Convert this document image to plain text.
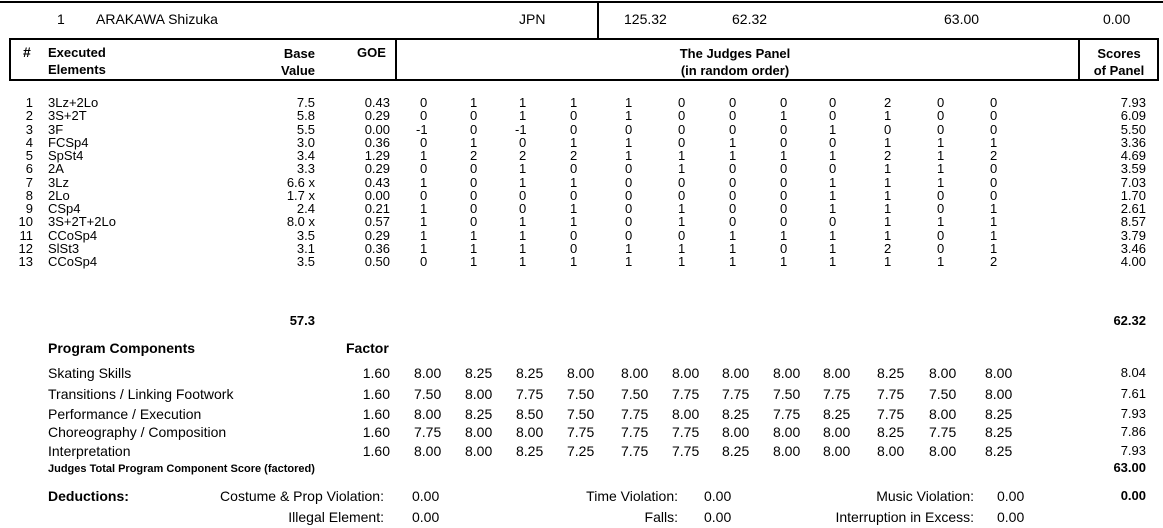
1 ARAKAWA Shizuka	JPN	125.32	62.32	63.00	0.00
# Executed
Elements
Base
Value
GOE	The Judges Panel
(in random order)
Scores
of Panel
1 3Lz+2Lo	7.5	0.43 0	1	1	1	1	0	0	0	0	2	0	0	7.93
2 3S+2T	5.8	0.29 0	0	1	0	1	0	0	1	0	1	0	0	6.09
3 3F	5.5	0.00 -1	0	-1	0	0	0	0	0	1	0	0	0	5.50
4 FCSp4	3.0	0.36 0	1	0	1	1	0	1	0	0	1	1	1	3.36
5 SpSt4	3.4	1.29 1	2	2	2	1	1	1	1	1	2	1	2	4.69
6 2A	3.3	0.29 0	0	1	0	0	1	0	0	0	1	1	0	3.59
7 3Lz	6.6 x	0.43 1	0	1	1	0	0	0	0	1	1	1	0	7.03
8 2Lo	1.7 x	0.00 0	0	0	0	0	0	0	0	1	1	0	0	1.70
9 CSp4	2.4	0.21 1	0	0	1	0	1	0	0	1	1	0	1	2.61
10 3S+2T+2Lo	8.0 x	0.57 1	0	1	1	0	1	0	0	0	1	1	1	8.57
11 CCoSp4	3.5	0.29 1	1	1	0	0	0	1	1	1	1	0	1	3.79
12 SlSt3	3.1	0.36 1	1	1	0	1	1	1	0	1	2	0	1	3.46
13 CCoSp4	3.5	0.50 0	1	1	1	1	1	1	1	1	1	1	2	4.00
57.3	62.32
Program Components	Factor
Skating Skills	1.60 8.00 8.25 8.25 8.00 8.00 8.00 8.00 8.00 8.00 8.25 8.00 8.00	8.04
Transitions / Linking Footwork	1.60 7.50 8.00 7.75 7.50 7.50 7.75 7.75 7.50 7.75 7.75 7.50 8.00	7.61
Performance / Execution	1.60 8.00 8.25 8.50 7.50 7.75 8.00 8.25 7.75 8.25 7.75 8.00 8.25	7.93
Choreography / Composition	1.60 7.75 8.00 8.00 7.75 7.75 7.75 8.00 8.00 8.00 8.25 7.75 8.25	7.86
Interpretation	1.60 8.00 8.00 8.25 7.25 7.75 7.75 8.25 8.00 8.00 8.00 8.00 8.25	7.93
Judges Total Program Component Score (factored)	63.00
Deductions:	Costume & Prop Violation: 0.00
Illegal Element: 0.00
Time Violation: 0.00
Falls: 0.00
Music Violation: 0.00
Interruption in Excess: 0.00
0.00
